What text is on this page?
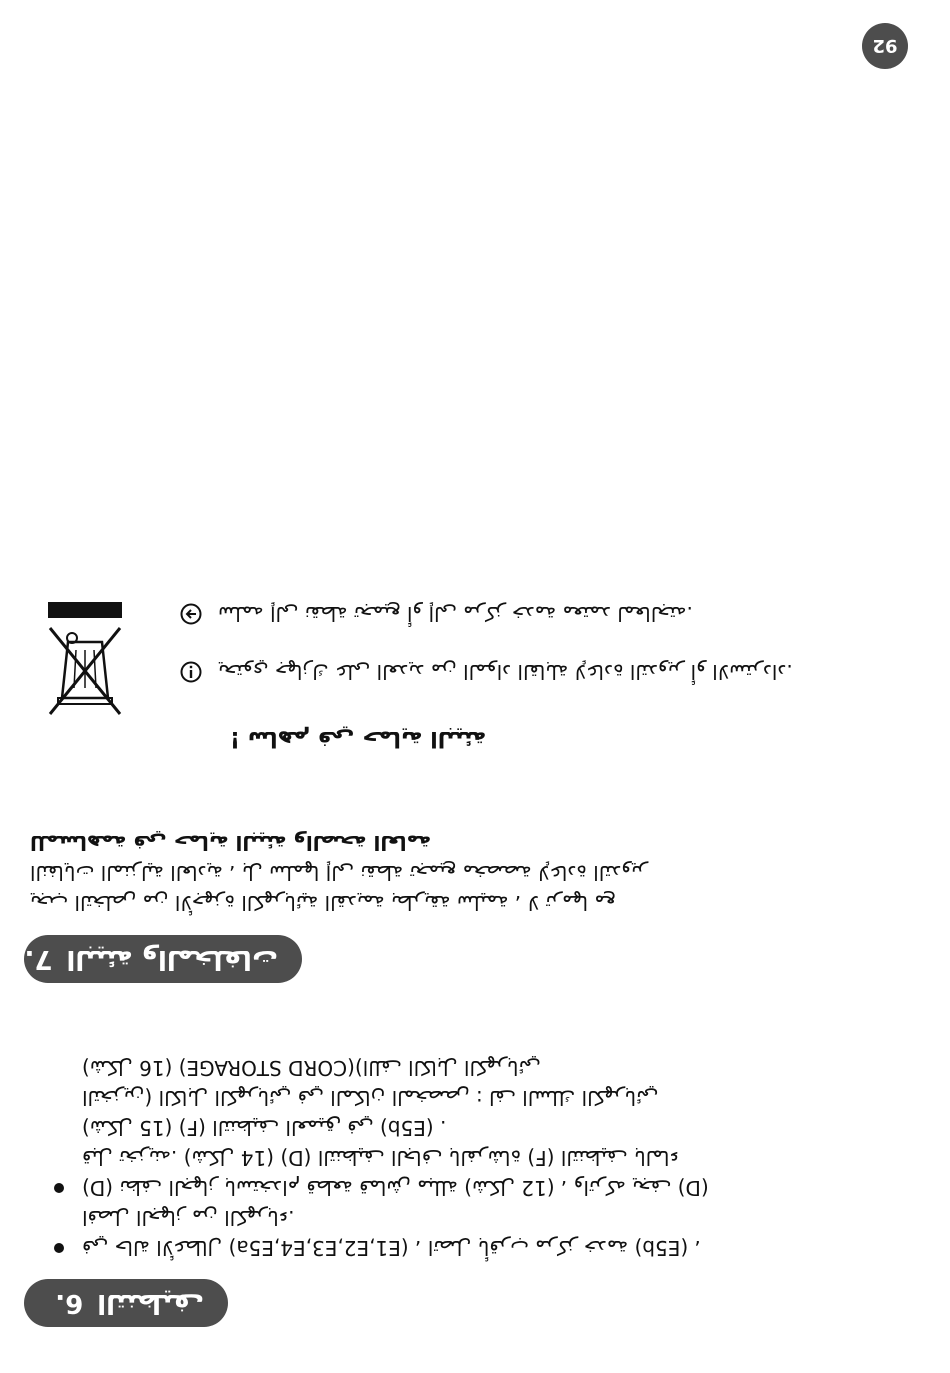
6. التنظيف
في حالة الأعطال (E1,E2,E3,E4,E5a) ، اتصل بأقرب مركز خدمة (E5b) ،
افصل الجهاز من الكهرباء.
(D) نظف الجهاز باستخدام قطعة قماش مبللة (شكل 12) ، واتركه يجف (D)
قبل تخزينه. (شكل 14) (D) التنظيف الجاف بالفرشاة (F) التنظيف بالماء
(شكل 15) (F) التنظيف العميق في (E5b) .
التخزين) الكابل الكهربائي في المكان المخصص : لف السلك الكهربائي
(شكل 16) (CORD STORAGE)(اللف الكابل الكهربائي
7. البيئة والمخلفات
يجب التخلص من الأجهزة الكهربائية القديمة بطريقة سليمة ، لا ترمها مع
النفايات المنزلية العادية ، بل سلمها إلى نقطة تجميع مخصصة لإعادة التدوير
للمساهمة في حماية البيئة والصحة العامة
! ساهم في حماية البيئة
يحتوي جهازك على العديد من المواد القابلة لإعادة التدوير أو الاسترداد.
سلمه إلى نقطة تجميع أو إلى مركز خدمة معتمد لمعالجته.
92
